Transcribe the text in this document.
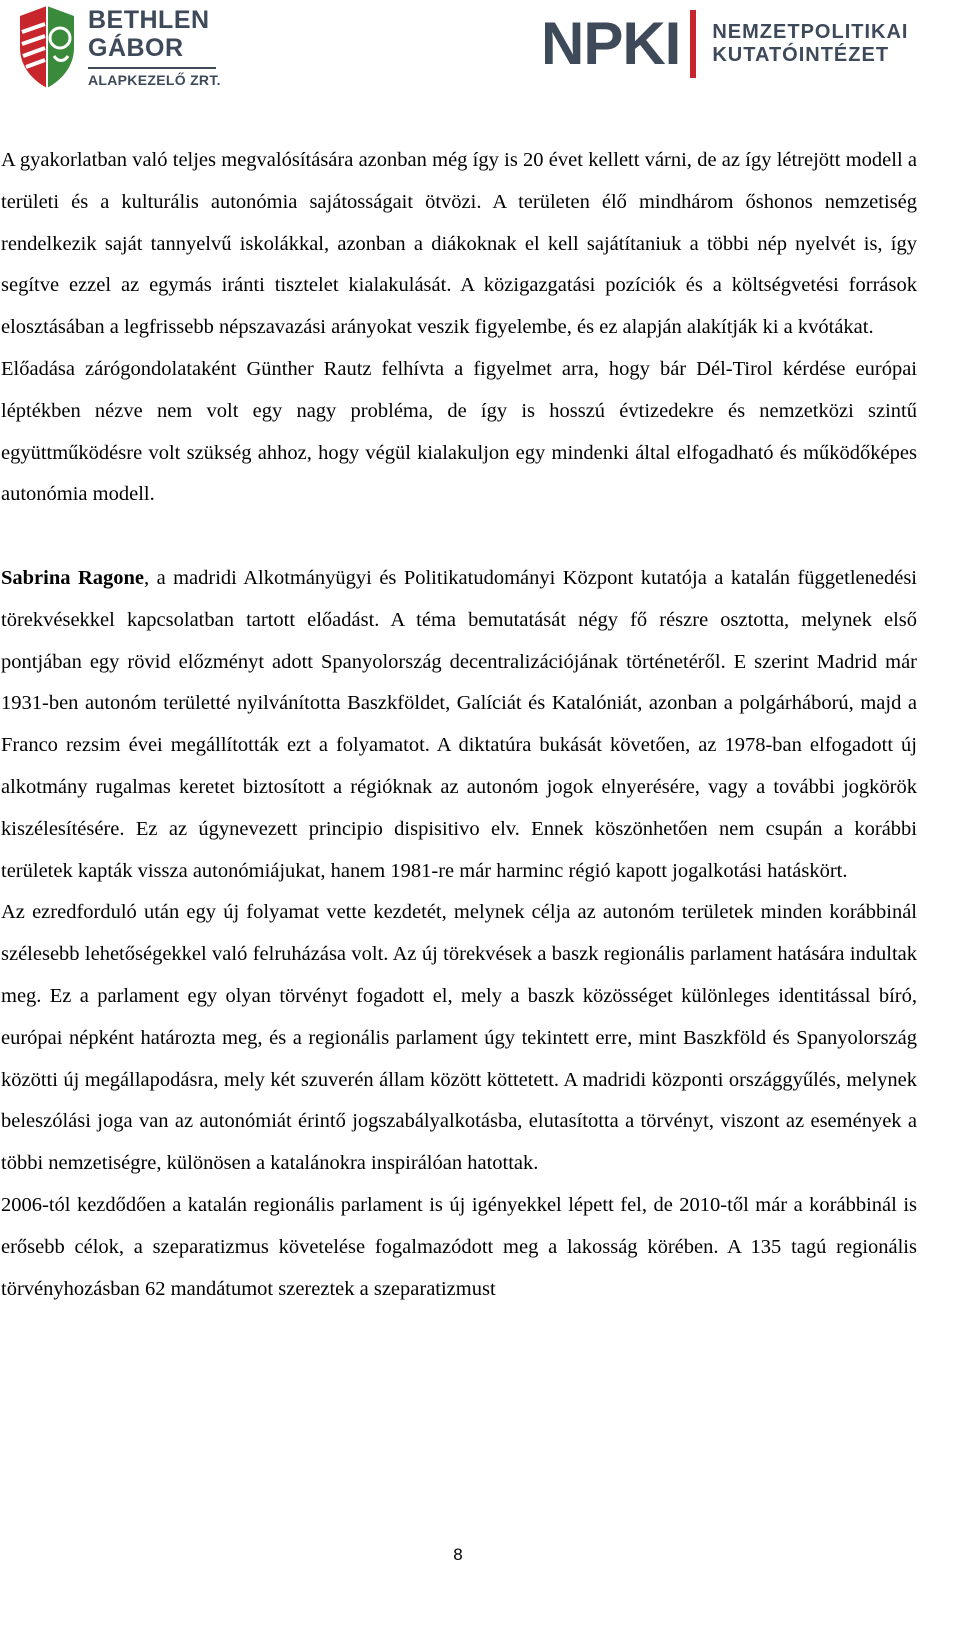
BETHLEN
GÁBOR
ALAPKEZELŐ ZRT.
NPKI NEMZETPOLITIKAI
KUTATÓINTÉZET

A gyakorlatban való teljes megvalósítására azonban még így is 20 évet kellett várni, de az így létrejött modell a területi és a kulturális autonómia sajátosságait ötvözi. A területen élő mindhárom őshonos nemzetiség rendelkezik saját tannyelvű iskolákkal, azonban a diákoknak el kell sajátítaniuk a többi nép nyelvét is, így segítve ezzel az egymás iránti tisztelet kialakulását. A közigazgatási pozíciók és a költségvetési források elosztásában a legfrissebb népszavazási arányokat veszik figyelembe, és ez alapján alakítják ki a kvótákat.

Előadása zárógondolataként Günther Rautz felhívta a figyelmet arra, hogy bár Dél-Tirol kérdése európai léptékben nézve nem volt egy nagy probléma, de így is hosszú évtizedekre és nemzetközi szintű együttműködésre volt szükség ahhoz, hogy végül kialakuljon egy mindenki által elfogadható és működőképes autonómia modell.

Sabrina Ragone, a madridi Alkotmányügyi és Politikatudományi Központ kutatója a katalán függetlenedési törekvésekkel kapcsolatban tartott előadást. A téma bemutatását négy fő részre osztotta, melynek első pontjában egy rövid előzményt adott Spanyolország decentralizációjának történetéről. E szerint Madrid már 1931-ben autonóm területté nyilvánította Baszkföldet, Galíciát és Katalóniát, azonban a polgárháború, majd a Franco rezsim évei megállították ezt a folyamatot. A diktatúra bukását követően, az 1978-ban elfogadott új alkotmány rugalmas keretet biztosított a régióknak az autonóm jogok elnyerésére, vagy a további jogkörök kiszélesítésére. Ez az úgynevezett principio dispisitivo elv. Ennek köszönhetően nem csupán a korábbi területek kapták vissza autonómiájukat, hanem 1981-re már harminc régió kapott jogalkotási hatáskört.

Az ezredforduló után egy új folyamat vette kezdetét, melynek célja az autonóm területek minden korábbinál szélesebb lehetőségekkel való felruházása volt. Az új törekvések a baszk regionális parlament hatására indultak meg. Ez a parlament egy olyan törvényt fogadott el, mely a baszk közösséget különleges identitással bíró, európai népként határozta meg, és a regionális parlament úgy tekintett erre, mint Baszkföld és Spanyolország közötti új megállapodásra, mely két szuverén állam között köttetett. A madridi központi országgyűlés, melynek beleszólási joga van az autonómiát érintő jogszabályalkotásba, elutasította a törvényt, viszont az események a többi nemzetiségre, különösen a katalánokra inspirálóan hatottak.

2006-tól kezdődően a katalán regionális parlament is új igényekkel lépett fel, de 2010-től már a korábbinál is erősebb célok, a szeparatizmus követelése fogalmazódott meg a lakosság körében. A 135 tagú regionális törvényhozásban 62 mandátumot szereztek a szeparatizmust

8
